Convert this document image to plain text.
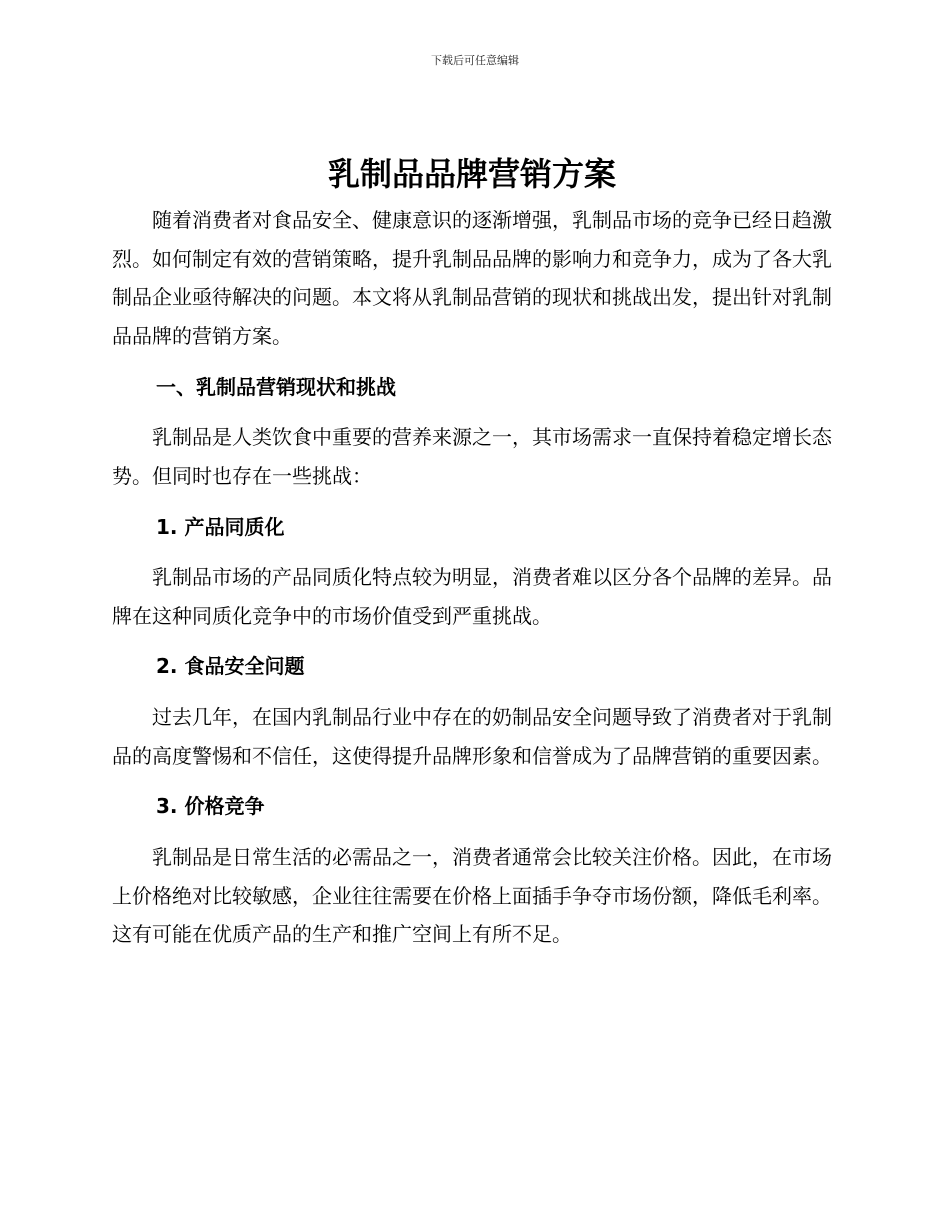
下载后可任意编辑
乳制品品牌营销方案

随着消费者对食品安全、健康意识的逐渐增强，乳制品市场的竞争已经日趋激烈。如何制定有效的营销策略，提升乳制品品牌的影响力和竞争力，成为了各大乳制品企业亟待解决的问题。本文将从乳制品营销的现状和挑战出发，提出针对乳制品品牌的营销方案。

一、乳制品营销现状和挑战

乳制品是人类饮食中重要的营养来源之一，其市场需求一直保持着稳定增长态势。但同时也存在一些挑战：

1. 产品同质化

乳制品市场的产品同质化特点较为明显，消费者难以区分各个品牌的差异。品牌在这种同质化竞争中的市场价值受到严重挑战。

2. 食品安全问题

过去几年，在国内乳制品行业中存在的奶制品安全问题导致了消费者对于乳制品的高度警惕和不信任，这使得提升品牌形象和信誉成为了品牌营销的重要因素。

3. 价格竞争

乳制品是日常生活的必需品之一，消费者通常会比较关注价格。因此，在市场上价格绝对比较敏感，企业往往需要在价格上面插手争夺市场份额，降低毛利率。这有可能在优质产品的生产和推广空间上有所不足。
